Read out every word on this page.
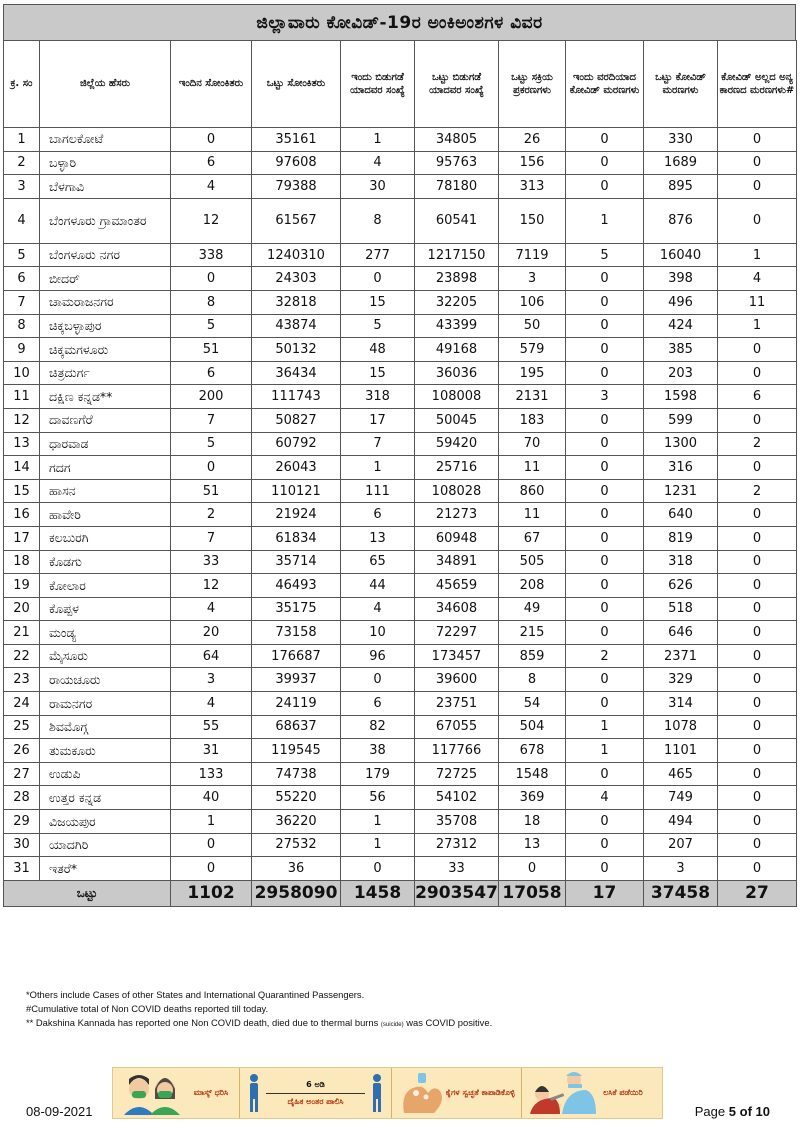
ಜಿಲ್ಲಾವಾರು ಕೋವಿಡ್-19ರ ಅಂಕಿಅಂಶಗಳ ವಿವರ
ಕ್ರ. ಸಂ	ಜಿಲ್ಲೆಯ ಹೆಸರು	ಇಂದಿನ ಸೋಂಕಿತರು	ಒಟ್ಟು ಸೋಂಕಿತರು	ಇಂದು ಬಿಡುಗಡೆ ಯಾದವರ ಸಂಖ್ಯೆ	ಒಟ್ಟು ಬಿಡುಗಡೆ ಯಾದವರ ಸಂಖ್ಯೆ	ಒಟ್ಟು ಸಕ್ರಿಯ ಪ್ರಕರಣಗಳು	ಇಂದು ವರದಿಯಾದ ಕೋವಿಡ್ ಮರಣಗಳು	ಒಟ್ಟು ಕೋವಿಡ್ ಮರಣಗಳು	ಕೋವಿಡ್ ಅಲ್ಲದ ಅನ್ಯ ಕಾರಣದ ಮರಣಗಳು#
1	ಬಾಗಲಕೋಟೆ	0	35161	1	34805	26	0	330	0
2	ಬಳ್ಳಾರಿ	6	97608	4	95763	156	0	1689	0
3	ಬೆಳಗಾವಿ	4	79388	30	78180	313	0	895	0
4	ಬೆಂಗಳೂರು ಗ್ರಾಮಾಂತರ	12	61567	8	60541	150	1	876	0
5	ಬೆಂಗಳೂರು ನಗರ	338	1240310	277	1217150	7119	5	16040	1
6	ಬೀದರ್	0	24303	0	23898	3	0	398	4
7	ಚಾಮರಾಜನಗರ	8	32818	15	32205	106	0	496	11
8	ಚಿಕ್ಕಬಳ್ಳಾಪುರ	5	43874	5	43399	50	0	424	1
9	ಚಿಕ್ಕಮಗಳೂರು	51	50132	48	49168	579	0	385	0
10	ಚಿತ್ರದುರ್ಗ	6	36434	15	36036	195	0	203	0
11	ದಕ್ಷಿಣ ಕನ್ನಡ**	200	111743	318	108008	2131	3	1598	6
12	ದಾವಣಗೆರೆ	7	50827	17	50045	183	0	599	0
13	ಧಾರವಾಡ	5	60792	7	59420	70	0	1300	2
14	ಗದಗ	0	26043	1	25716	11	0	316	0
15	ಹಾಸನ	51	110121	111	108028	860	0	1231	2
16	ಹಾವೇರಿ	2	21924	6	21273	11	0	640	0
17	ಕಲಬುರಗಿ	7	61834	13	60948	67	0	819	0
18	ಕೊಡಗು	33	35714	65	34891	505	0	318	0
19	ಕೋಲಾರ	12	46493	44	45659	208	0	626	0
20	ಕೊಪ್ಪಳ	4	35175	4	34608	49	0	518	0
21	ಮಂಡ್ಯ	20	73158	10	72297	215	0	646	0
22	ಮೈಸೂರು	64	176687	96	173457	859	2	2371	0
23	ರಾಯಚೂರು	3	39937	0	39600	8	0	329	0
24	ರಾಮನಗರ	4	24119	6	23751	54	0	314	0
25	ಶಿವಮೊಗ್ಗ	55	68637	82	67055	504	1	1078	0
26	ತುಮಕೂರು	31	119545	38	117766	678	1	1101	0
27	ಉಡುಪಿ	133	74738	179	72725	1548	0	465	0
28	ಉತ್ತರ ಕನ್ನಡ	40	55220	56	54102	369	4	749	0
29	ವಿಜಯಪುರ	1	36220	1	35708	18	0	494	0
30	ಯಾದಗಿರಿ	0	27532	1	27312	13	0	207	0
31	ಇತರೆ*	0	36	0	33	0	0	3	0
ಒಟ್ಟು		1102	2958090	1458	2903547	17058	17	37458	27
*Others include Cases of other States and International Quarantined Passengers.
#Cumulative total of Non COVID deaths reported till today.
** Dakshina Kannada has reported one Non COVID death, died due to thermal burns (suicide) was COVID positive.
ಮಾಸ್ಕ್ ಧರಿಸಿ
6 ಅಡಿ
ದೈಹಿಕ ಅಂತರ ಪಾಲಿಸಿ
ಕೈಗಳ ಸ್ವಚ್ಛತೆ ಕಾಪಾಡಿಕೊಳ್ಳಿ	ಲಸಿಕೆ ಪಡೆಯಿರಿ
08-09-2021	Page 5 of 10
